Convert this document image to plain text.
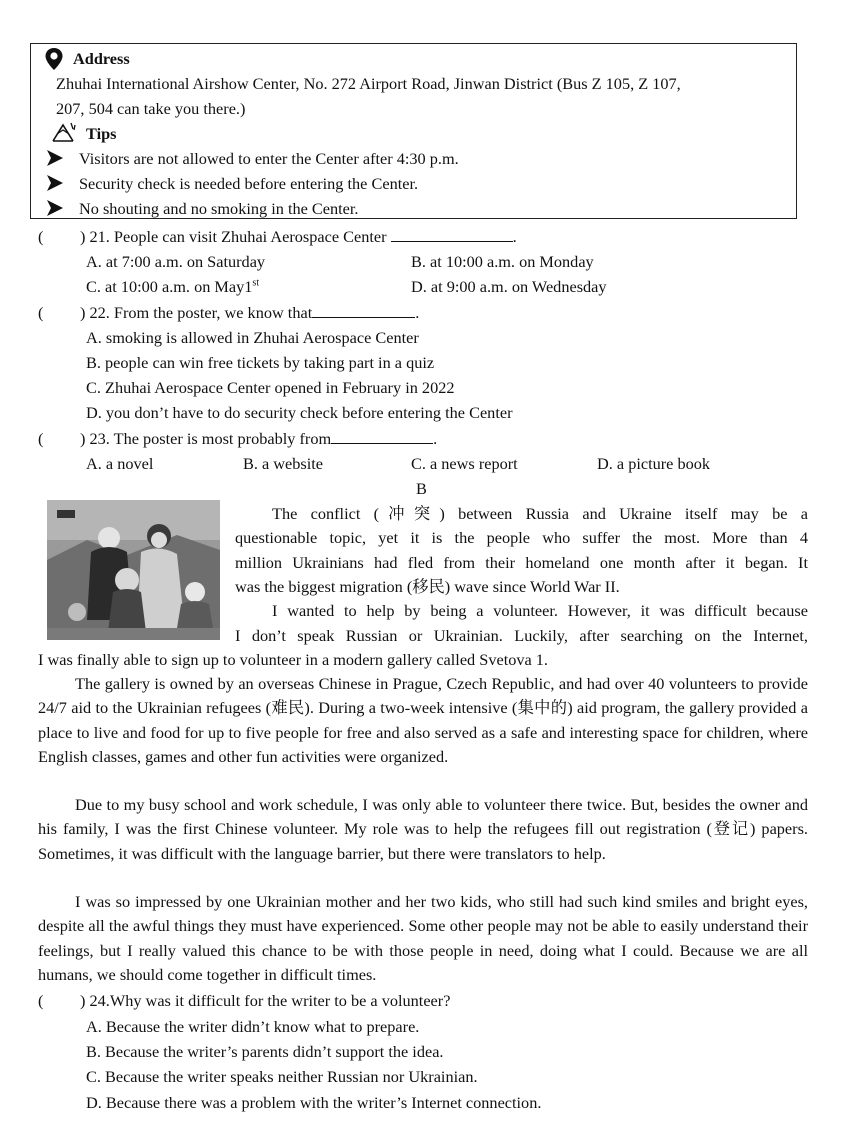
Address
Zhuhai International Airshow Center, No. 272 Airport Road, Jinwan District (Bus Z 105, Z 107,
207, 504 can take you there.)
Tips
Visitors are not allowed to enter the Center after 4:30 p.m.
Security check is needed before entering the Center.
No shouting and no smoking in the Center.
( ) 21. People can visit Zhuhai Aerospace Center	.
A. at 7:00 a.m. on Saturday	B. at 10:00 a.m. on Monday
C. at 10:00 a.m. on May1st	D. at 9:00 a.m. on Wednesday
( ) 22. From the poster, we know that	.
A. smoking is allowed in Zhuhai Aerospace Center
B. people can win free tickets by taking part in a quiz
C. Zhuhai Aerospace Center opened in February in 2022
D. you don’t have to do security check before entering the Center
( ) 23. The poster is most probably from	.
A. a novel	B. a website	C. a news report	D. a picture book
B
The conflict (冲突) between Russia and Ukraine itself may be a
questionable topic, yet it is the people who suffer the most. More than 4
million Ukrainians had fled from their homeland one month after it began. It
was the biggest migration (移民) wave since World War II.
I wanted to help by being a volunteer. However, it was difficult because
I don’t speak Russian or Ukrainian. Luckily, after searching on the Internet,
I was finally able to sign up to volunteer in a modern gallery called Svetova 1.
The gallery is owned by an overseas Chinese in Prague, Czech Republic, and had over 40 volunteers to provide 24/7 aid to the Ukrainian refugees (难民). During a two-week intensive (集中的) aid program, the gallery provided a place to live and food for up to five people for free and also served as a safe and interesting space for children, where English classes, games and other fun activities were organized.
Due to my busy school and work schedule, I was only able to volunteer there twice. But, besides the owner and his family, I was the first Chinese volunteer. My role was to help the refugees fill out registration (登记) papers. Sometimes, it was difficult with the language barrier, but there were translators to help.
I was so impressed by one Ukrainian mother and her two kids, who still had such kind smiles and bright eyes, despite all the awful things they must have experienced. Some other people may not be able to easily understand their feelings, but I really valued this chance to be with those people in need, doing what I could. Because we are all humans, we should come together in difficult times.
( ) 24.Why was it difficult for the writer to be a volunteer?
A. Because the writer didn’t know what to prepare.
B. Because the writer’s parents didn’t support the idea.
C. Because the writer speaks neither Russian nor Ukrainian.
D. Because there was a problem with the writer’s Internet connection.
